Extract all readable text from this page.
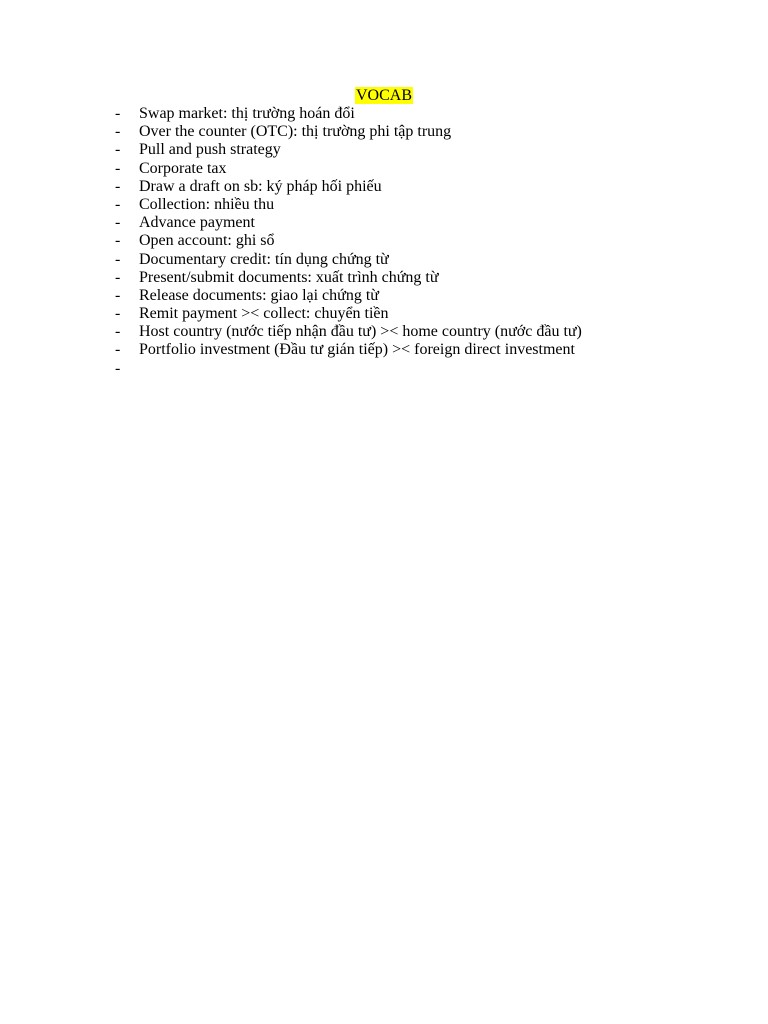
VOCAB
- Swap market: thị trường hoán đổi
- Over the counter (OTC): thị trường phi tập trung
- Pull and push strategy
- Corporate tax
- Draw a draft on sb: ký pháp hối phiếu
- Collection: nhiều thu
- Advance payment
- Open account: ghi sổ
- Documentary credit: tín dụng chứng từ
- Present/submit documents: xuất trình chứng từ
- Release documents: giao lại chứng từ
- Remit payment >< collect: chuyển tiền
- Host country (nước tiếp nhận đầu tư) >< home country (nước đầu tư)
- Portfolio investment (Đầu tư gián tiếp) >< foreign direct investment
-
